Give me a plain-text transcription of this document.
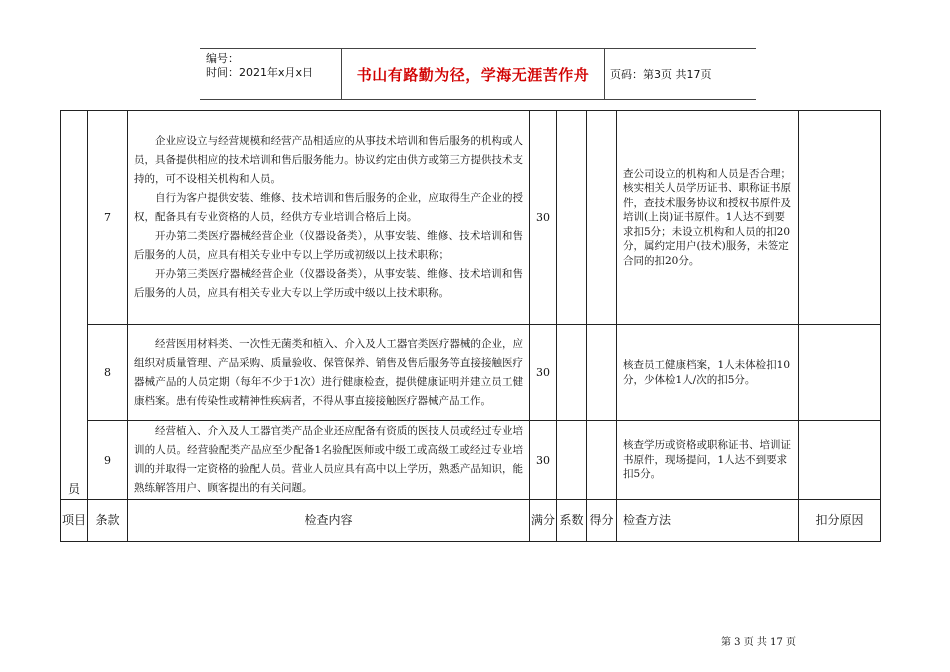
编号：
时间：2021年x月x日	书山有路勤为径，学海无涯苦作舟	页码：第3页 共17页
员	7	企业应设立与经营规模和经营产品相适应的从事技术培训和售后服务的机构或人员，具备提供相应的技术培训和售后服务能力。协议约定由供方或第三方提供技术支持的，可不设相关机构和人员。

自行为客户提供安装、维修、技术培训和售后服务的企业，应取得生产企业的授权，配备具有专业资格的人员，经供方专业培训合格后上岗。

开办第二类医疗器械经营企业（仪器设备类），从事安装、维修、技术培训和售后服务的人员，应具有相关专业中专以上学历或初级以上技术职称；

开办第三类医疗器械经营企业（仪器设备类），从事安装、维修、技术培训和售后服务的人员，应具有相关专业大专以上学历或中级以上技术职称。	30			查公司设立的机构和人员是否合理；核实相关人员学历证书、职称证书原件，查技术服务协议和授权书原件及培训(上岗)证书原件。1人达不到要求扣5分；未设立机构和人员的扣20分，属约定用户(技术)服务，未签定合同的扣20分。	

	8	经营医用材料类、一次性无菌类和植入、介入及人工器官类医疗器械的企业，应组织对质量管理、产品采购、质量验收、保管保养、销售及售后服务等直接接触医疗器械产品的人员定期（每年不少于1次）进行健康检查，提供健康证明并建立员工健康档案。患有传染性或精神性疾病者，不得从事直接接触医疗器械产品工作。	30			核查员工健康档案，1人未体检扣10分，少体检1人/次的扣5分。	

	9	经营植入、介入及人工器官类产品企业还应配备有资质的医技人员或经过专业培训的人员。经营验配类产品应至少配备1名验配医师或中级工或高级工或经过专业培训的并取得一定资格的验配人员。营业人员应具有高中以上学历，熟悉产品知识，能熟练解答用户、顾客提出的有关问题。	30			核查学历或资格或职称证书、培训证书原件，现场提问，1人达不到要求扣5分。	

项目	条款	检查内容	满分	系数	得分	检查方法	扣分原因
第 3 页 共 17 页
